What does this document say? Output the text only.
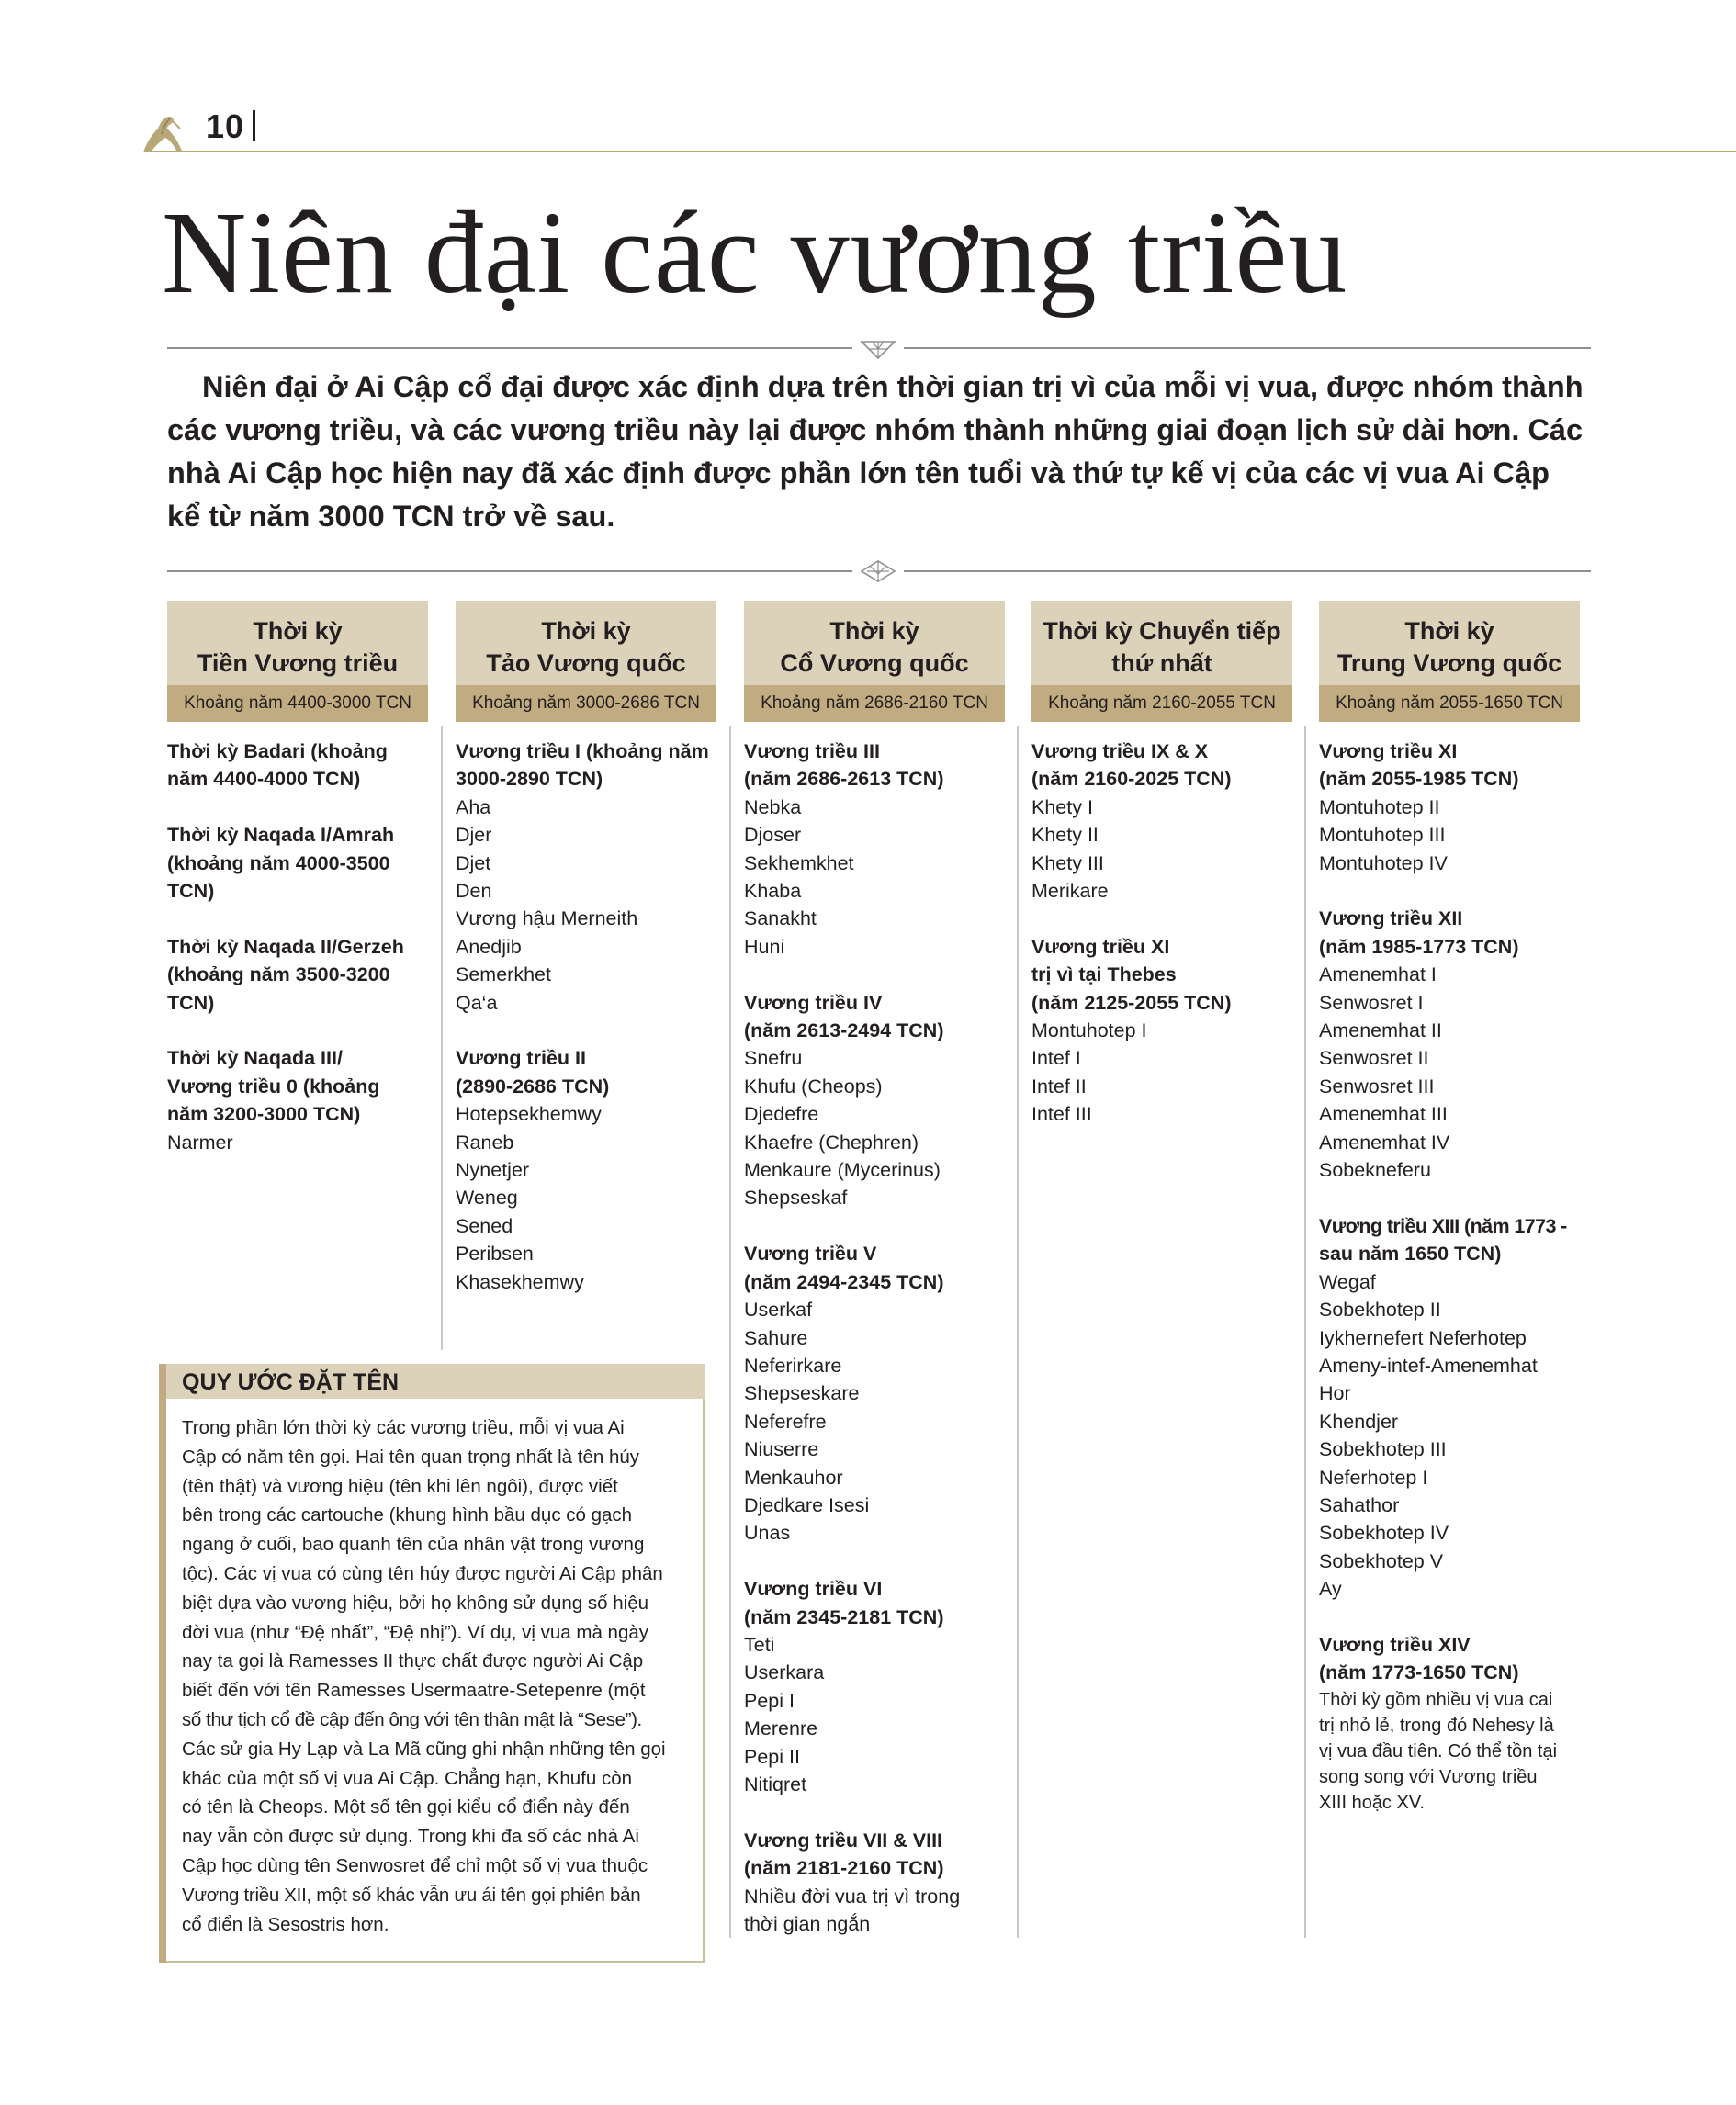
10
Niên đại các vương triều
Niên đại ở Ai Cập cổ đại được xác định dựa trên thời gian trị vì của mỗi vị vua, được nhóm thành các vương triều, và các vương triều này lại được nhóm thành những giai đoạn lịch sử dài hơn. Các nhà Ai Cập học hiện nay đã xác định được phần lớn tên tuổi và thứ tự kế vị của các vị vua Ai Cập kể từ năm 3000 TCN trở về sau.
Thời kỳ
Tiền Vương triều
Khoảng năm 4400-3000 TCN
Thời kỳ Badari (khoảng
năm 4400-4000 TCN)
Thời kỳ Naqada I/Amrah
(khoảng năm 4000-3500
TCN)
Thời kỳ Naqada II/Gerzeh
(khoảng năm 3500-3200
TCN)
Thời kỳ Naqada III/
Vương triều 0 (khoảng
năm 3200-3000 TCN)
Narmer
Thời kỳ
Tảo Vương quốc
Khoảng năm 3000-2686 TCN
Vương triều I (khoảng năm
3000-2890 TCN)
Aha
Djer
Djet
Den
Vương hậu Merneith
Anedjib
Semerkhet
Qa‘a
Vương triều II
(2890-2686 TCN)
Hotepsekhemwy
Raneb
Nynetjer
Weneg
Sened
Peribsen
Khasekhemwy
Thời kỳ
Cổ Vương quốc
Khoảng năm 2686-2160 TCN
Vương triều III
(năm 2686-2613 TCN)
Nebka
Djoser
Sekhemkhet
Khaba
Sanakht
Huni
Vương triều IV
(năm 2613-2494 TCN)
Snefru
Khufu (Cheops)
Djedefre
Khaefre (Chephren)
Menkaure (Mycerinus)
Shepseskaf
Vương triều V
(năm 2494-2345 TCN)
Userkaf
Sahure
Neferirkare
Shepseskare
Neferefre
Niuserre
Menkauhor
Djedkare Isesi
Unas
Vương triều VI
(năm 2345-2181 TCN)
Teti
Userkara
Pepi I
Merenre
Pepi II
Nitiqret
Vương triều VII & VIII
(năm 2181-2160 TCN)
Nhiều đời vua trị vì trong
thời gian ngắn
Thời kỳ Chuyển tiếp
thứ nhất
Khoảng năm 2160-2055 TCN
Vương triều IX & X
(năm 2160-2025 TCN)
Khety I
Khety II
Khety III
Merikare
Vương triều XI
trị vì tại Thebes
(năm 2125-2055 TCN)
Montuhotep I
Intef I
Intef II
Intef III
Thời kỳ
Trung Vương quốc
Khoảng năm 2055-1650 TCN
Vương triều XI
(năm 2055-1985 TCN)
Montuhotep II
Montuhotep III
Montuhotep IV
Vương triều XII
(năm 1985-1773 TCN)
Amenemhat I
Senwosret I
Amenemhat II
Senwosret II
Senwosret III
Amenemhat III
Amenemhat IV
Sobekneferu
Vương triều XIII (năm 1773 -
sau năm 1650 TCN)
Wegaf
Sobekhotep II
Iykhernefert Neferhotep
Ameny-intef-Amenemhat
Hor
Khendjer
Sobekhotep III
Neferhotep I
Sahathor
Sobekhotep IV
Sobekhotep V
Ay
Vương triều XIV
(năm 1773-1650 TCN)
Thời kỳ gồm nhiều vị vua cai
trị nhỏ lẻ, trong đó Nehesy là
vị vua đầu tiên. Có thể tồn tại
song song với Vương triều
XIII hoặc XV.
QUY ƯỚC ĐẶT TÊN
Trong phần lớn thời kỳ các vương triều, mỗi vị vua Ai
Cập có năm tên gọi. Hai tên quan trọng nhất là tên húy
(tên thật) và vương hiệu (tên khi lên ngôi), được viết
bên trong các cartouche (khung hình bầu dục có gạch
ngang ở cuối, bao quanh tên của nhân vật trong vương
tộc). Các vị vua có cùng tên húy được người Ai Cập phân
biệt dựa vào vương hiệu, bởi họ không sử dụng số hiệu
đời vua (như “Đệ nhất”, “Đệ nhị”). Ví dụ, vị vua mà ngày
nay ta gọi là Ramesses II thực chất được người Ai Cập
biết đến với tên Ramesses Usermaatre-Setepenre (một
số thư tịch cổ đề cập đến ông với tên thân mật là “Sese”).
Các sử gia Hy Lạp và La Mã cũng ghi nhận những tên gọi
khác của một số vị vua Ai Cập. Chẳng hạn, Khufu còn
có tên là Cheops. Một số tên gọi kiểu cổ điển này đến
nay vẫn còn được sử dụng. Trong khi đa số các nhà Ai
Cập học dùng tên Senwosret để chỉ một số vị vua thuộc
Vương triều XII, một số khác vẫn ưu ái tên gọi phiên bản
cổ điển là Sesostris hơn.
